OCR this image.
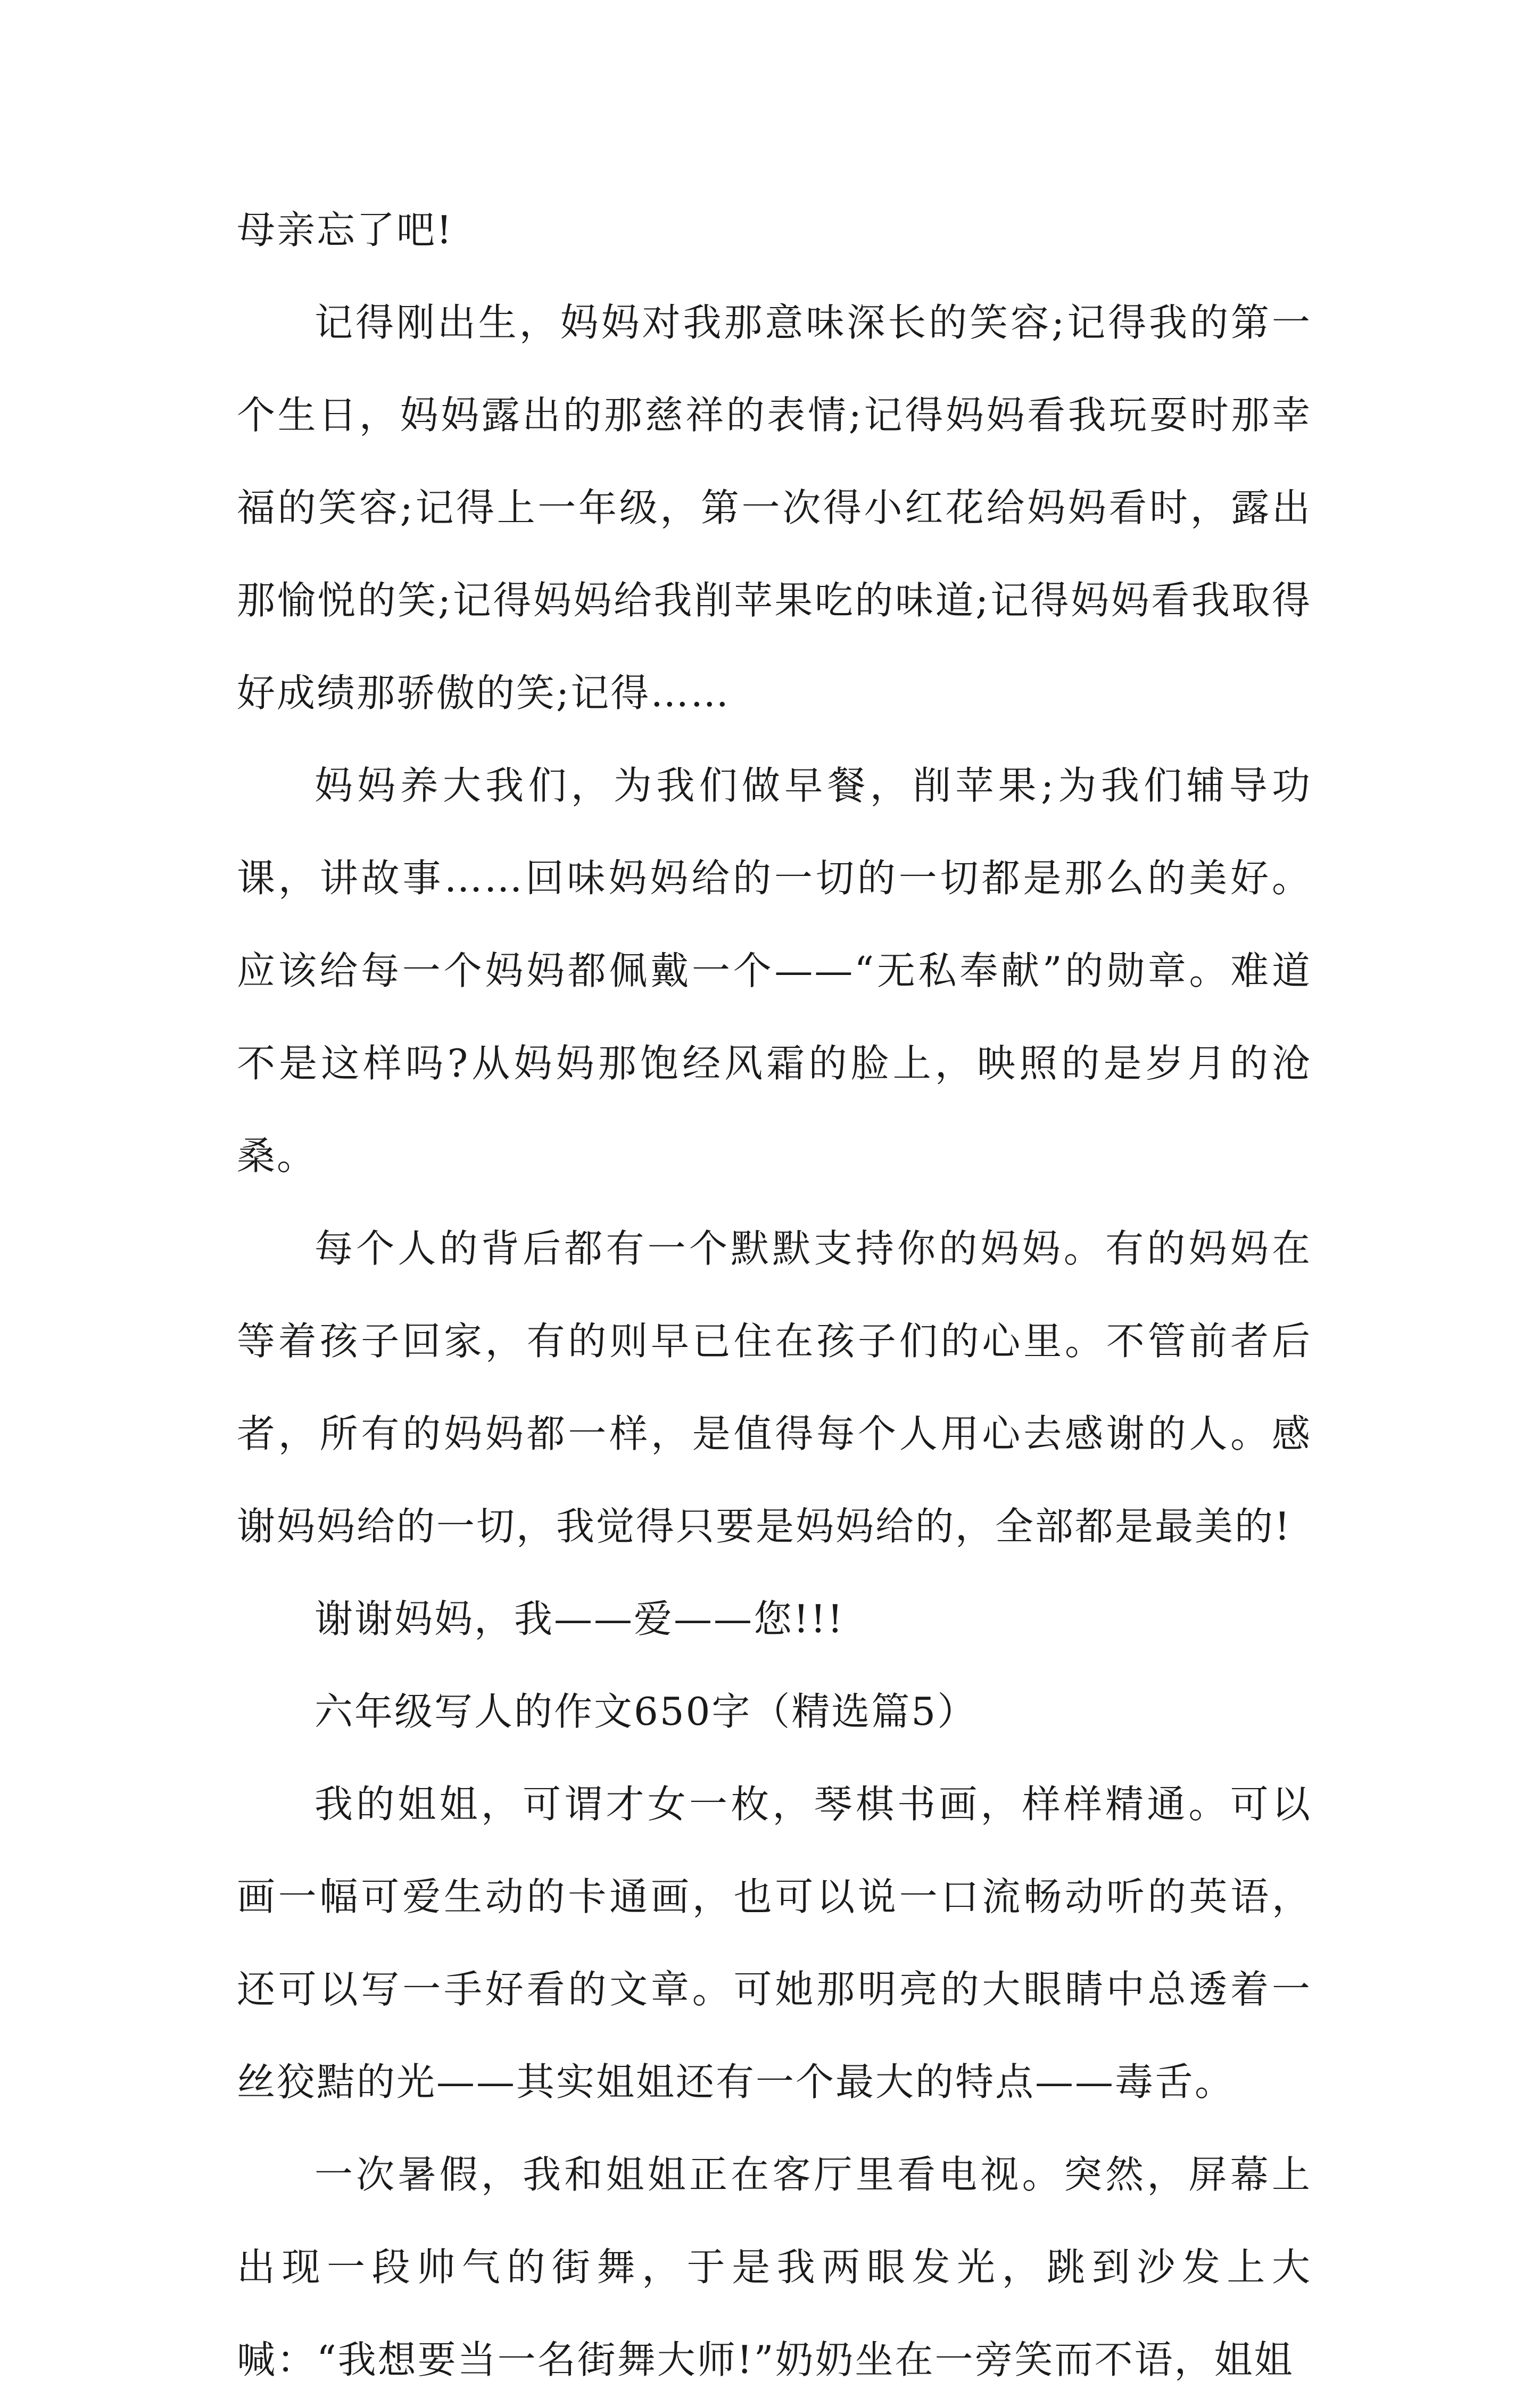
母亲忘了吧!

记得刚出生，妈妈对我那意味深长的笑容;记得我的第一个生日，妈妈露出的那慈祥的表情;记得妈妈看我玩耍时那幸福的笑容;记得上一年级，第一次得小红花给妈妈看时，露出那愉悦的笑;记得妈妈给我削苹果吃的味道;记得妈妈看我取得好成绩那骄傲的笑;记得……

妈妈养大我们，为我们做早餐，削苹果;为我们辅导功课，讲故事……回味妈妈给的一切的一切都是那么的美好。应该给每一个妈妈都佩戴一个——“无私奉献”的勋章。难道不是这样吗?从妈妈那饱经风霜的脸上，映照的是岁月的沧桑。

每个人的背后都有一个默默支持你的妈妈。有的妈妈在等着孩子回家，有的则早已住在孩子们的心里。不管前者后者，所有的妈妈都一样，是值得每个人用心去感谢的人。感谢妈妈给的一切，我觉得只要是妈妈给的，全部都是最美的!

谢谢妈妈，我——爱——您!!!

六年级写人的作文650字（精选篇5）

我的姐姐，可谓才女一枚，琴棋书画，样样精通。可以画一幅可爱生动的卡通画，也可以说一口流畅动听的英语，还可以写一手好看的文章。可她那明亮的大眼睛中总透着一丝狡黠的光——其实姐姐还有一个最大的特点——毒舌。

一次暑假，我和姐姐正在客厅里看电视。突然，屏幕上出现一段帅气的街舞，于是我两眼发光，跳到沙发上大喊：“我想要当一名街舞大师!”奶奶坐在一旁笑而不语，姐姐
